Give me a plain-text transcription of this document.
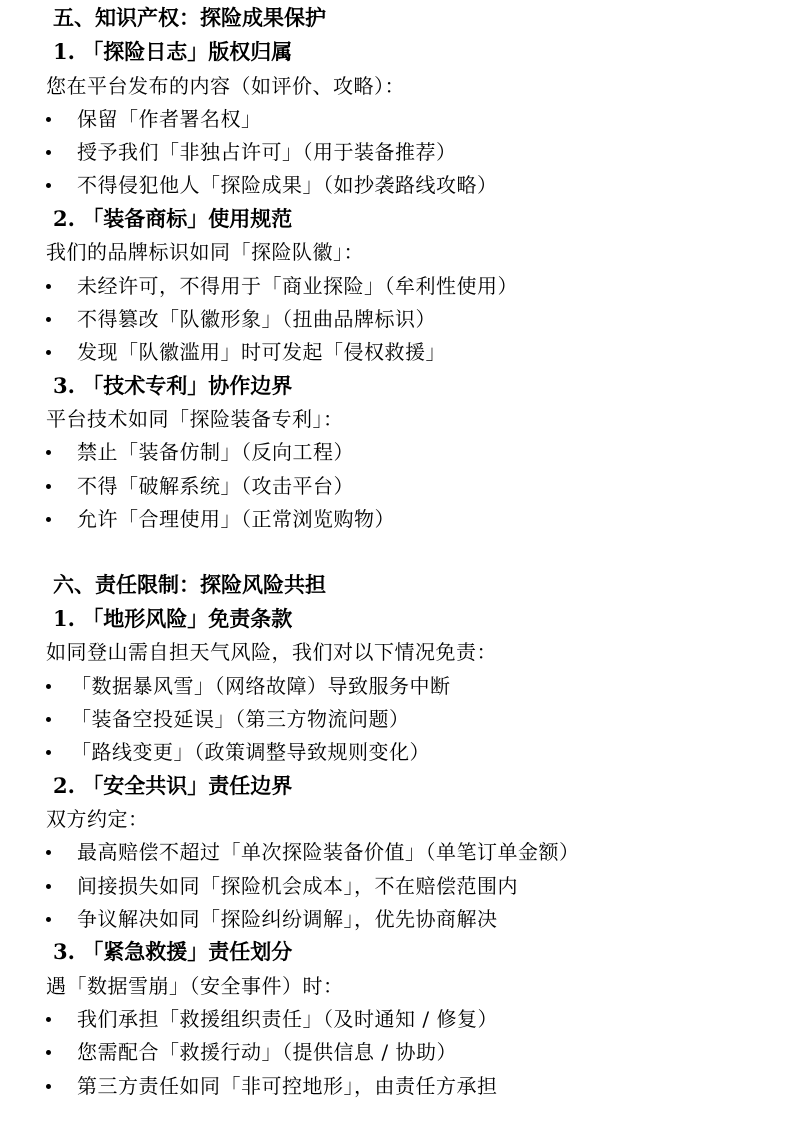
五、知识产权：探险成果保护
1. 「探险日志」版权归属
您在平台发布的内容（如评价、攻略）：
保留「作者署名权」
授予我们「非独占许可」（用于装备推荐）
不得侵犯他人「探险成果」（如抄袭路线攻略）
2. 「装备商标」使用规范
我们的品牌标识如同「探险队徽」：
未经许可，不得用于「商业探险」（牟利性使用）
不得篡改「队徽形象」（扭曲品牌标识）
发现「队徽滥用」时可发起「侵权救援」
3. 「技术专利」协作边界
平台技术如同「探险装备专利」：
禁止「装备仿制」（反向工程）
不得「破解系统」（攻击平台）
允许「合理使用」（正常浏览购物）
六、责任限制：探险风险共担
1. 「地形风险」免责条款
如同登山需自担天气风险，我们对以下情况免责：
「数据暴风雪」（网络故障）导致服务中断
「装备空投延误」（第三方物流问题）
「路线变更」（政策调整导致规则变化）
2. 「安全共识」责任边界
双方约定：
最高赔偿不超过「单次探险装备价值」（单笔订单金额）
间接损失如同「探险机会成本」，不在赔偿范围内
争议解决如同「探险纠纷调解」，优先协商解决
3. 「紧急救援」责任划分
遇「数据雪崩」（安全事件）时：
我们承担「救援组织责任」（及时通知 / 修复）
您需配合「救援行动」（提供信息 / 协助）
第三方责任如同「非可控地形」，由责任方承担
